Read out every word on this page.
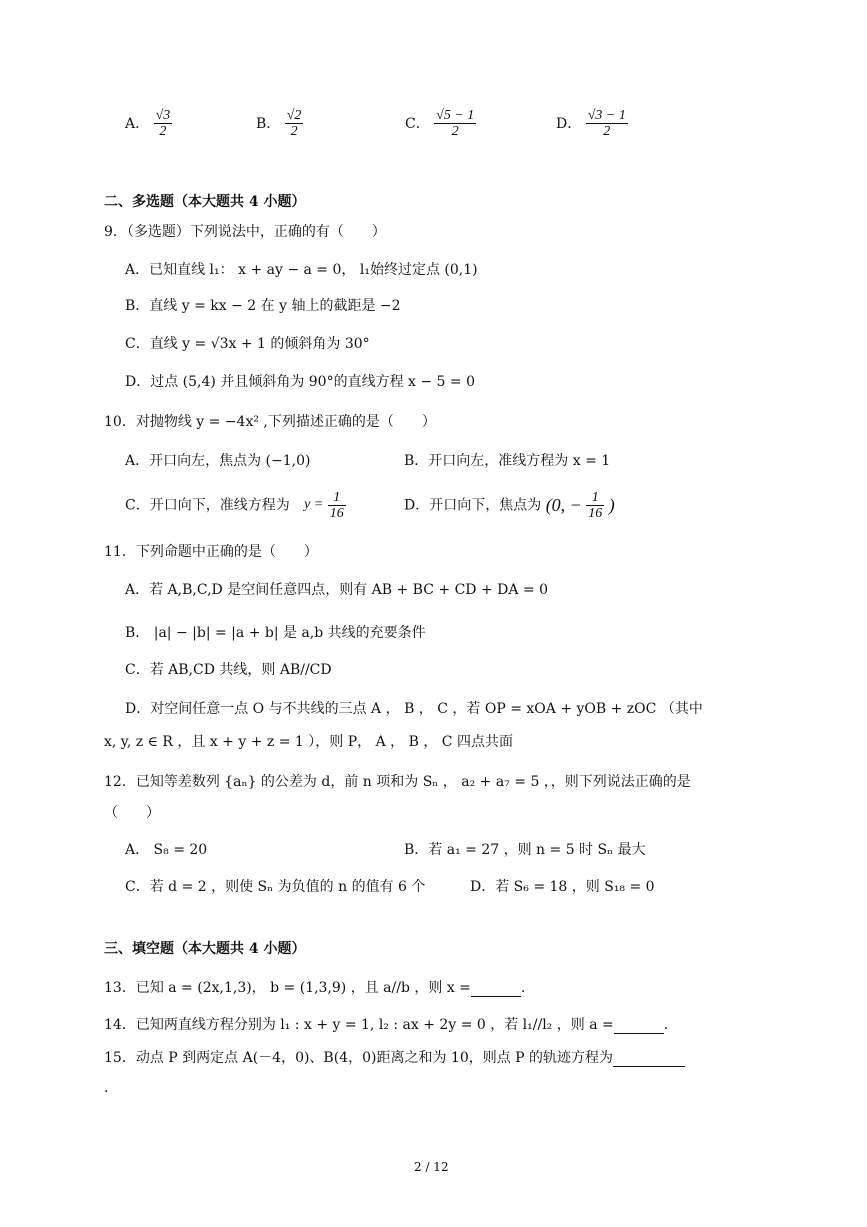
A． $\frac{√3}{2}$	B． $\frac{√2}{2}$	C． $\frac{√5 - 1}{2}$	D． $\frac{√3 - 1}{2}$
二、多选题（本大题共 4 小题）
9．（多选题）下列说法中，正确的有（　　）
A．已知直线 l₁： x + ay − a = 0， l₁始终过定点 (0,1)
B．直线 y = kx − 2 在 y 轴上的截距是 −2
C．直线 y = √3x + 1 的倾斜角为 30°
D．过点 (5,4) 并且倾斜角为 90°的直线方程 x − 5 = 0
10．对抛物线 y = −4x² ,下列描述正确的是（　　）
A．开口向左，焦点为 (−1,0)	B．开口向左，准线方程为 x = 1
C．开口向下，准线方程为 $y = \frac{1}{16}$	D．开口向下，焦点为 (0, − $\frac{1}{16}$ )
11．下列命题中正确的是（　　）
A．若 A,B,C,D 是空间任意四点，则有 AB + BC + CD + DA = 0
B． |a| − |b| = |a + b| 是 a,b 共线的充要条件
C．若 AB,CD 共线，则 AB//CD
D．对空间任意一点 O 与不共线的三点 A ， B ， C ，若 OP = xOA + yOB + zOC （其中
x, y, z ∈ R ，且 x + y + z = 1 ），则 P， A ， B ， C 四点共面
12．已知等差数列 {aₙ} 的公差为 d，前 n 项和为 Sₙ ， a₂ + a₇ = 5 ，，则下列说法正确的是
（　　）
A． S₈ = 20	B．若 a₁ = 27 ，则 n = 5 时 Sₙ 最大
C．若 d = 2 ，则使 Sₙ 为负值的 n 的值有 6 个	D．若 S₆ = 18 ，则 S₁₈ = 0
三、填空题（本大题共 4 小题）
13．已知 a = (2x,1,3)， b = (1,3,9) ，且 a//b ，则 x =	.
14．已知两直线方程分别为 l₁ : x + y = 1, l₂ : ax + 2y = 0 ，若 l₁//l₂ ，则 a =	.
15．动点 P 到两定点 A(－4，0)、B(4，0)距离之和为 10，则点 P 的轨迹方程为
.
2 / 12
